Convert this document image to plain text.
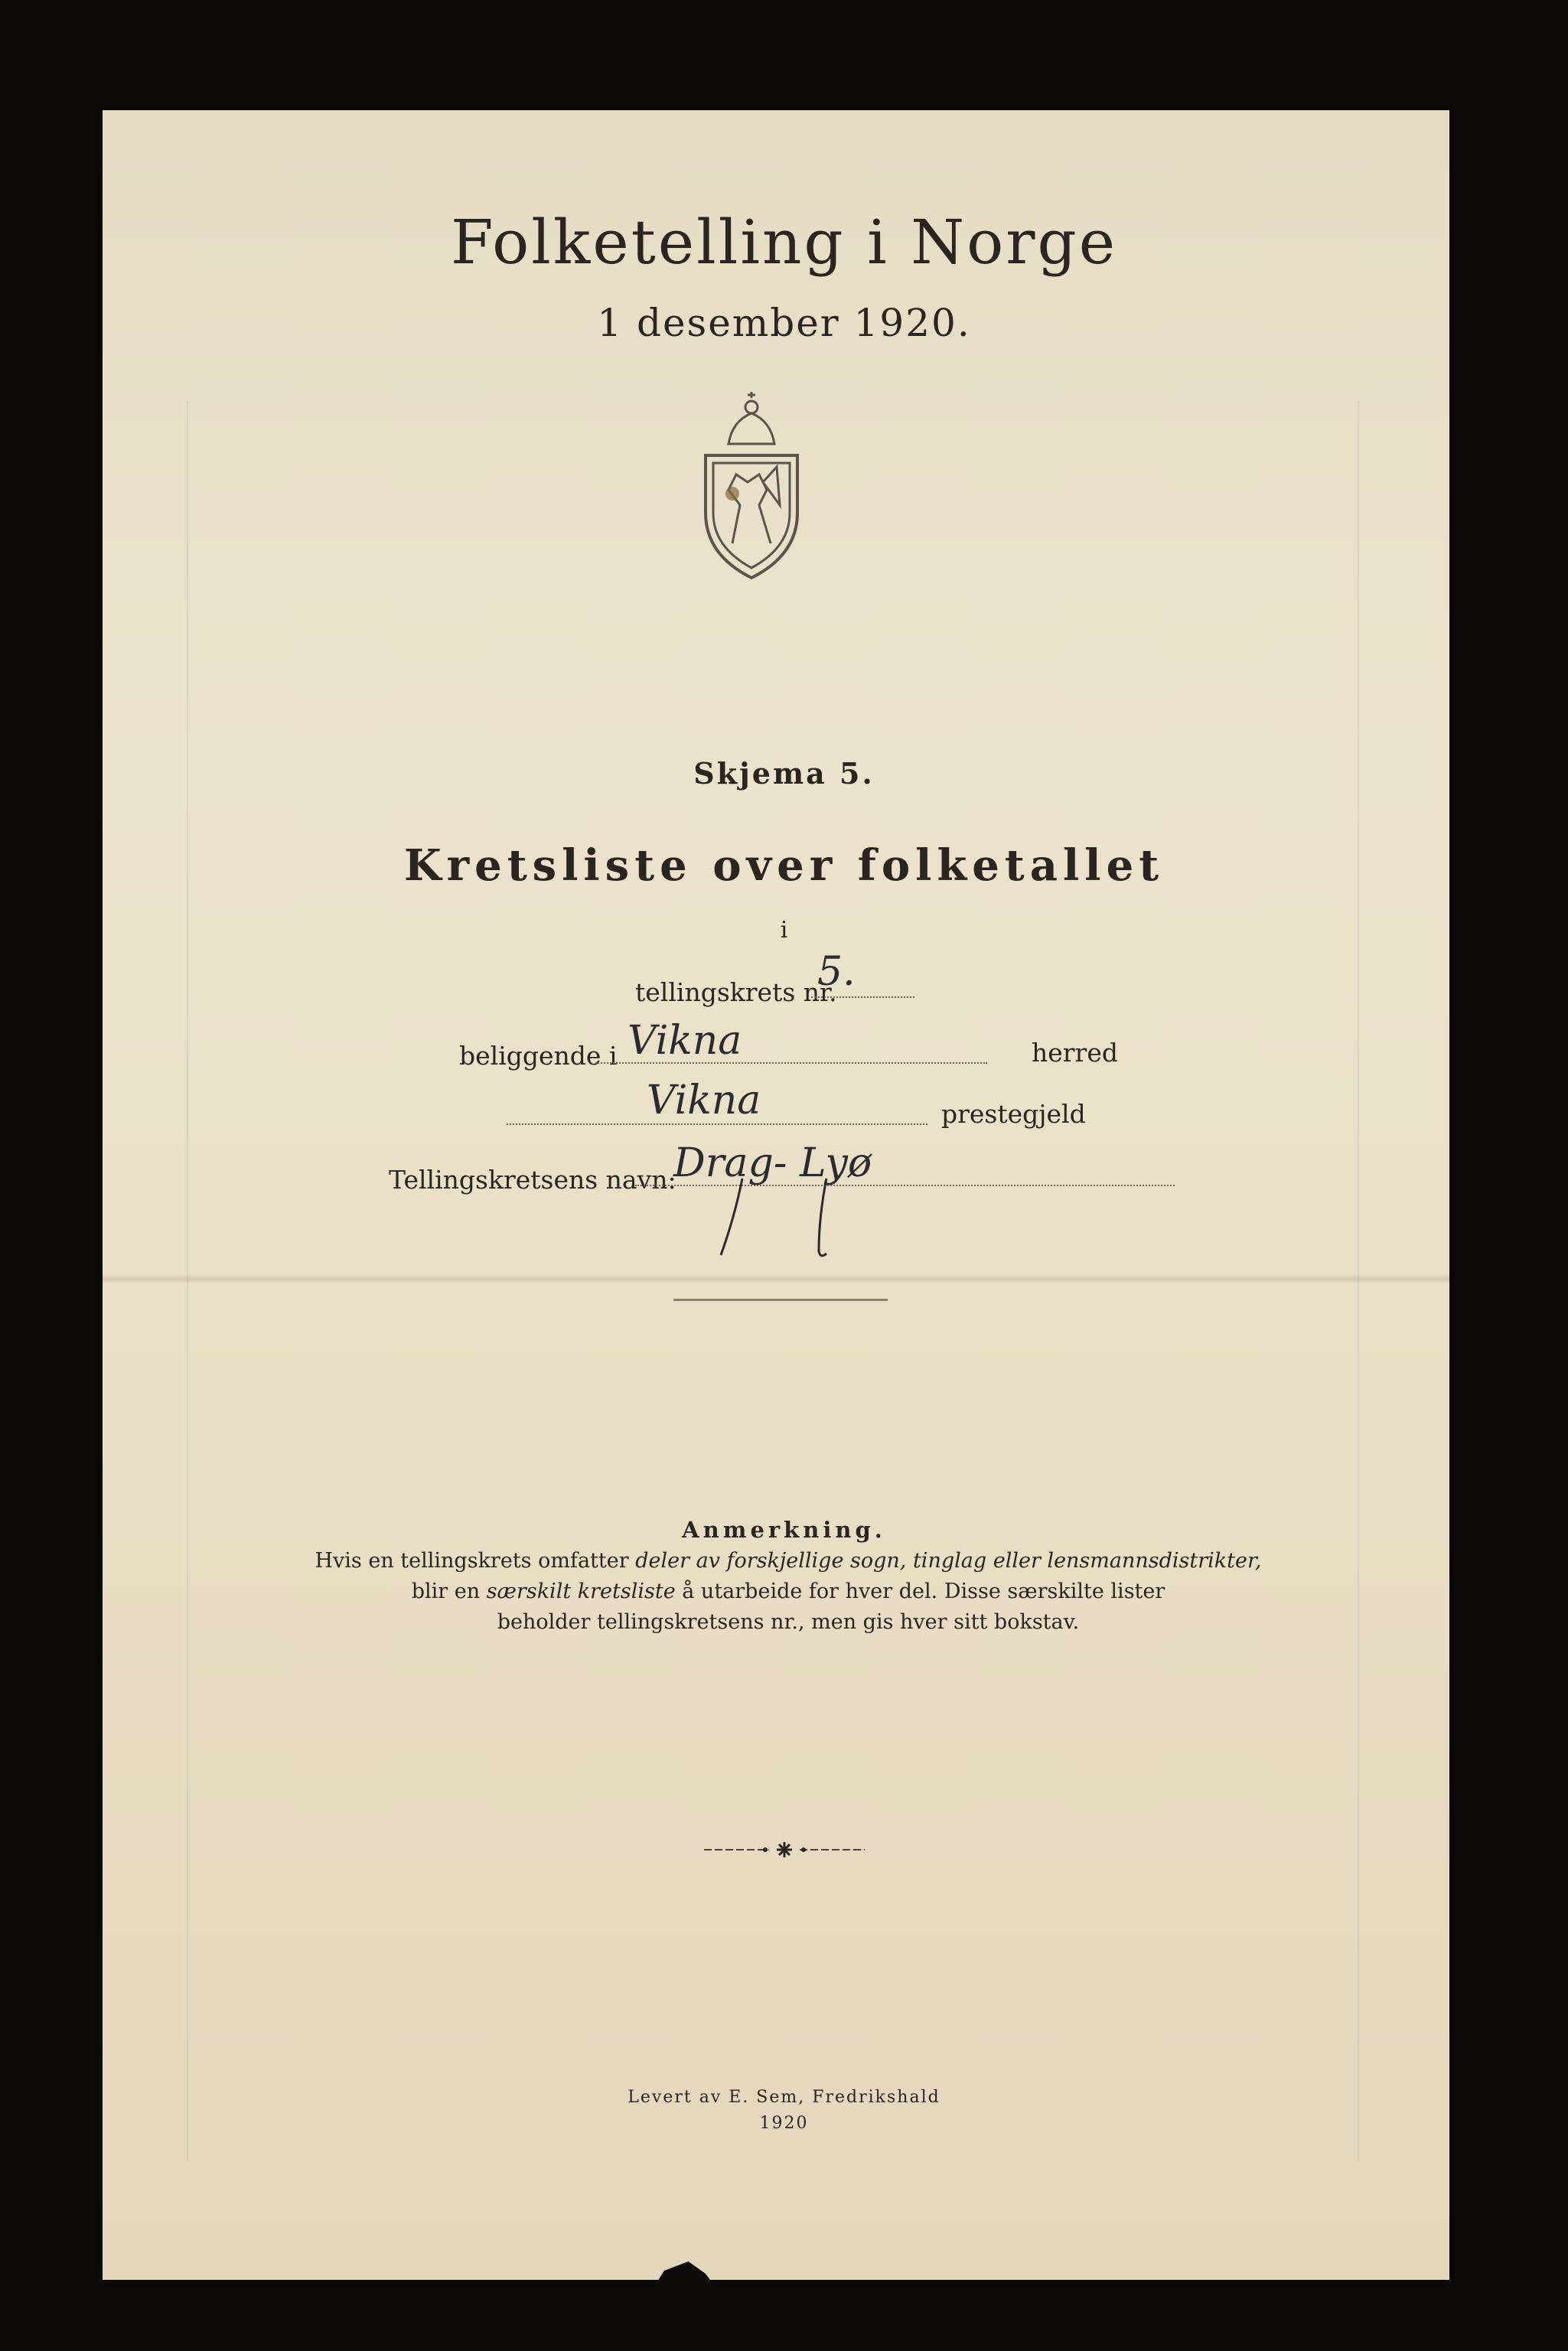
Folketelling i Norge
1 desember 1920.
Skjema 5.
Kretsliste over folketallet
i
tellingskrets nr.
5.
beliggende i Vikna	herred
Vikna	prestegjeld
Tellingskretsens navn:
Drag- Lyø
Anmerkning.
Hvis en tellingskrets omfatter deler av forskjellige sogn, tinglag eller lensmannsdistrikter,
blir en særskilt kretsliste å utarbeide for hver del. Disse særskilte lister
beholder tellingskretsens nr., men gis hver sitt bokstav.
Levert av E. Sem, Fredrikshald
1920
